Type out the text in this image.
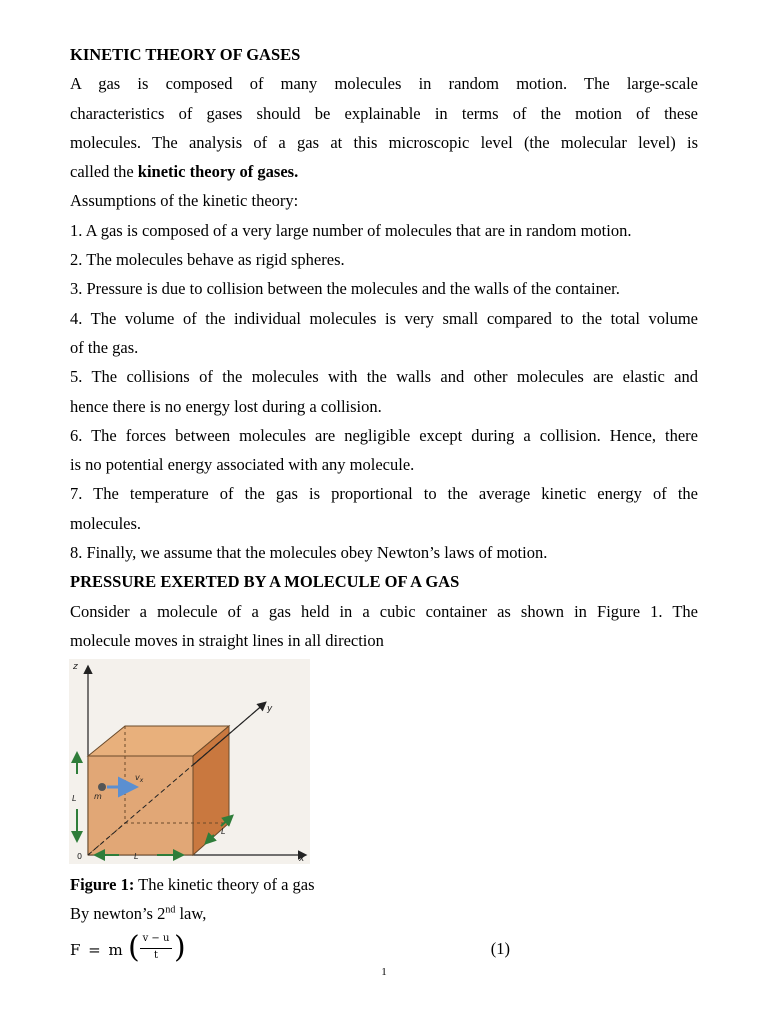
KINETIC THEORY OF GASES

A gas is composed of many molecules in random motion. The large-scale

characteristics of gases should be explainable in terms of the motion of these

molecules. The analysis of a gas at this microscopic level (the molecular level) is

called the kinetic theory of gases.

Assumptions of the kinetic theory:

1. A gas is composed of a very large number of molecules that are in random motion.

2. The molecules behave as rigid spheres.

3. Pressure is due to collision between the molecules and the walls of the container.

4. The volume of the individual molecules is very small compared to the total volume

of the gas.

5. The collisions of the molecules with the walls and other molecules are elastic and

hence there is no energy lost during a collision.

6. The forces between molecules are negligible except during a collision. Hence, there

is no potential energy associated with any molecule.

7. The temperature of the gas is proportional to the average kinetic energy of the

molecules.

8. Finally, we assume that the molecules obey Newton’s laws of motion.

PRESSURE EXERTED BY A MOLECULE OF A GAS

Consider a molecule of a gas held in a cubic container as shown in Figure 1. The

molecule moves in straight lines in all direction

z
y
x
0
L
L
L
m
$v_x$
Figure 1: The kinetic theory of a gas
By newton’s 2nd law,
F = m ( v − u
t )	(1)
1
